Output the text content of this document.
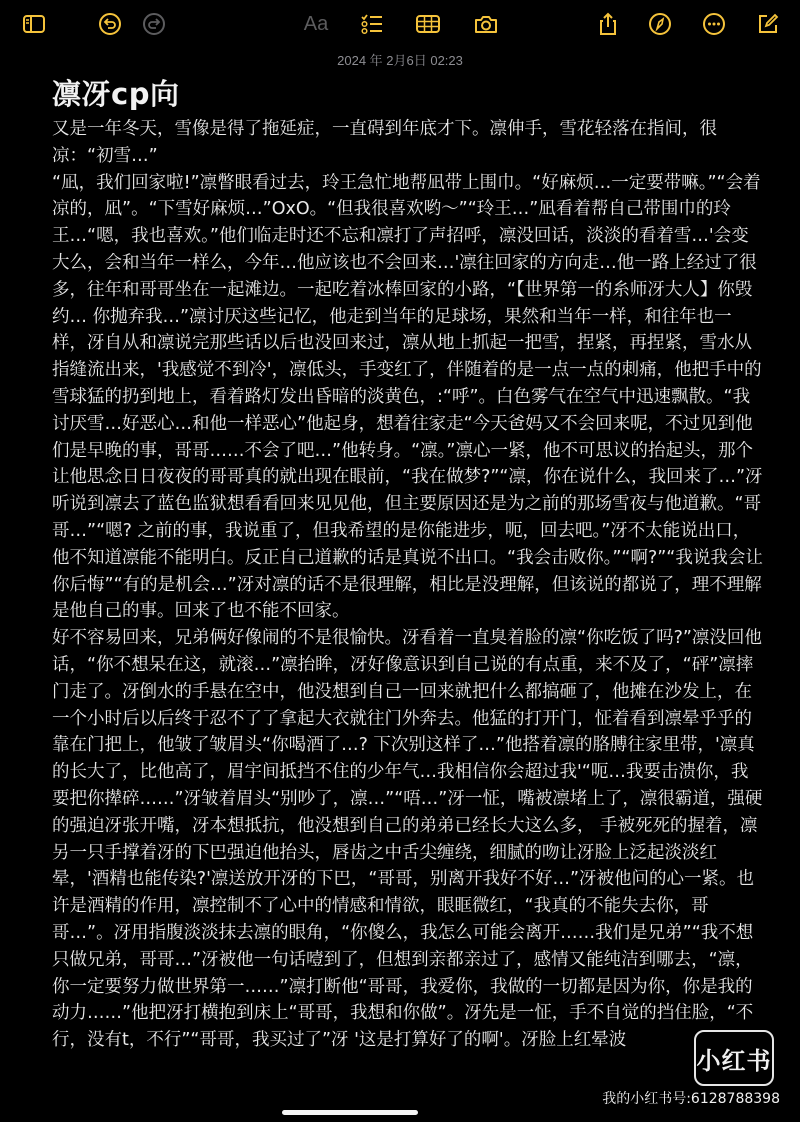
Aa
2024 年 2月6日 02:23
凛冴cp向

又是一年冬天，雪像是得了拖延症，一直碍到年底才下。凛伸手，雪花轻落在指间，很凉：“初雪…”

“凪，我们回家啦!”凛瞥眼看过去，玲王急忙地帮凪带上围巾。“好麻烦…一定要带嘛。”“会着凉的，凪”。“下雪好麻烦…”OxO。“但我很喜欢哟～”“玲王…”凪看着帮自己带围巾的玲王…“嗯，我也喜欢。”他们临走时还不忘和凛打了声招呼，凛没回话，淡淡的看着雪…'会变大么，会和当年一样么，今年…他应该也不会回来…'凛往回家的方向走…他一路上经过了很多，往年和哥哥坐在一起滩边。一起吃着冰棒回家的小路，“【世界第一的糸师冴大人】你毁约… 你抛弃我…”凛讨厌这些记忆，他走到当年的足球场，果然和当年一样，和往年也一样，冴自从和凛说完那些话以后也没回来过，凛从地上抓起一把雪，捏紧，再捏紧，雪水从指缝流出来，'我感觉不到冷'，凛低头，手变红了，伴随着的是一点一点的刺痛，他把手中的雪球猛的扔到地上，看着路灯发出昏暗的淡黄色，:“呼”。白色雾气在空气中迅速飘散。“我讨厌雪…好恶心…和他一样恶心”他起身，想着往家走“今天爸妈又不会回来呢，不过见到他们是早晚的事，哥哥……不会了吧…”他转身。“凛。”凛心一紧，他不可思议的抬起头，那个让他思念日日夜夜的哥哥真的就出现在眼前，“我在做梦?”“凛，你在说什么，我回来了…”冴听说到凛去了蓝色监狱想看看回来见见他，但主要原因还是为之前的那场雪夜与他道歉。“哥哥…”“嗯? 之前的事，我说重了，但我希望的是你能进步，呃，回去吧。”冴不太能说出口，他不知道凛能不能明白。反正自己道歉的话是真说不出口。“我会击败你。”“啊?”“我说我会让你后悔”“有的是机会…”冴对凛的话不是很理解，相比是没理解，但该说的都说了，理不理解是他自己的事。回来了也不能不回家。

好不容易回来，兄弟俩好像闹的不是很愉快。冴看着一直臭着脸的凛“你吃饭了吗?”凛没回他话，“你不想呆在这，就滚…”凛抬眸，冴好像意识到自己说的有点重，来不及了，“砰”凛摔门走了。冴倒水的手悬在空中，他没想到自己一回来就把什么都搞砸了，他摊在沙发上，在一个小时后以后终于忍不了了拿起大衣就往门外奔去。他猛的打开门，怔着看到凛晕乎乎的靠在门把上，他皱了皱眉头“你喝酒了…? 下次别这样了…”他搭着凛的胳膊往家里带，'凛真的长大了，比他高了，眉宇间抵挡不住的少年气…我相信你会超过我'“呃…我要击溃你，我要把你撵碎……”冴皱着眉头“别吵了，凛…”“唔…”冴一怔，嘴被凛堵上了，凛很霸道，强硬的强迫冴张开嘴，冴本想抵抗，他没想到自己的弟弟已经长大这么多， 手被死死的握着，凛另一只手撑着冴的下巴强迫他抬头，唇齿之中舌尖缠绕，细腻的吻让冴脸上泛起淡淡红晕，'酒精也能传染?'凛送放开冴的下巴，“哥哥，别离开我好不好…”冴被他问的心一紧。也许是酒精的作用，凛控制不了心中的情感和情欲，眼眶微红，“我真的不能失去你，哥哥…”。冴用指腹淡淡抹去凛的眼角，“你傻么，我怎么可能会离开……我们是兄弟”“我不想只做兄弟，哥哥…”冴被他一句话噎到了，但想到亲都亲过了，感情又能纯洁到哪去，“凛，你一定要努力做世界第一……”凛打断他“哥哥，我爱你，我做的一切都是因为你，你是我的动力……”他把冴打横抱到床上“哥哥，我想和你做”。冴先是一怔，手不自觉的挡住脸，“不行，没有t，不行”“哥哥，我买过了”冴 '这是打算好了的啊'。冴脸上红晕波

小红书
我的小红书号:6128788398
